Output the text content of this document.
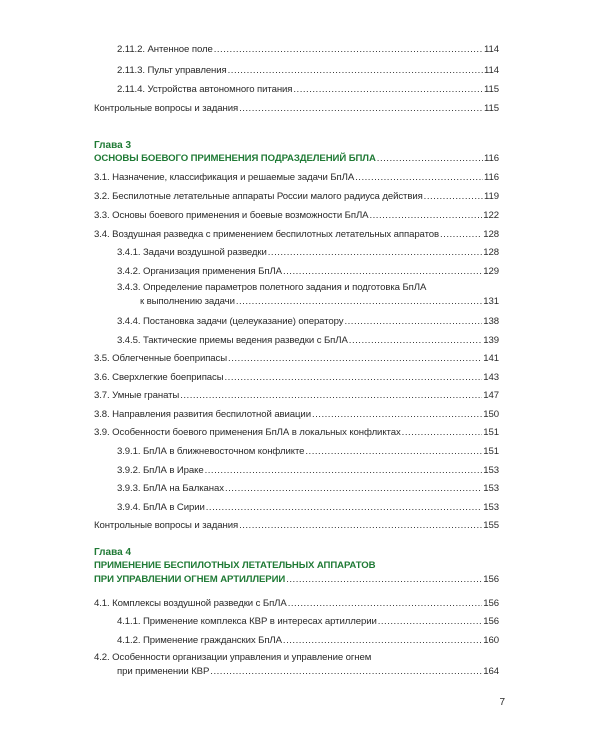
2.11.2. Антенное поле .....	114
2.11.3. Пульт управления .....	114
2.11.4. Устройства автономного питания .....	115
Контрольные вопросы и задания .....	115
Глава 3
ОСНОВЫ БОЕВОГО ПРИМЕНЕНИЯ ПОДРАЗДЕЛЕНИЙ БПЛА .....	116
3.1. Назначение, классификация и решаемые задачи БпЛА .....	116
3.2. Беспилотные летательные аппараты России малого радиуса действия .....	119
3.3. Основы боевого применения и боевые возможности БпЛА .....	122
3.4. Воздушная разведка с применением беспилотных летательных аппаратов .....	128
3.4.1. Задачи воздушной разведки .....	128
3.4.2. Организация применения БпЛА .....	129
3.4.3. Определение параметров полетного задания и подготовка БпЛА
к выполнению задачи .....	131
3.4.4. Постановка задачи (целеуказание) оператору .....	138
3.4.5. Тактические приемы ведения разведки с БпЛА .....	139
3.5. Облегченные боеприпасы .....	141
3.6. Сверхлегкие боеприпасы .....	143
3.7. Умные гранаты .....	147
3.8. Направления развития беспилотной авиации .....	150
3.9. Особенности боевого применения БпЛА в локальных конфликтах .....	151
3.9.1. БпЛА в ближневосточном конфликте .....	151
3.9.2. БпЛА в Ираке .....	153
3.9.3. БпЛА на Балканах .....	153
3.9.4. БпЛА в Сирии .....	153
Контрольные вопросы и задания .....	155
Глава 4
ПРИМЕНЕНИЕ БЕСПИЛОТНЫХ ЛЕТАТЕЛЬНЫХ АППАРАТОВ
ПРИ УПРАВЛЕНИИ ОГНЕМ АРТИЛЛЕРИИ .....	156
4.1. Комплексы воздушной разведки с БпЛА .....	156
4.1.1. Применение комплекса КВР в интересах артиллерии .....	156
4.1.2. Применение гражданских БпЛА .....	160
4.2. Особенности организации управления и управление огнем
при применении КВР .....	164
7
